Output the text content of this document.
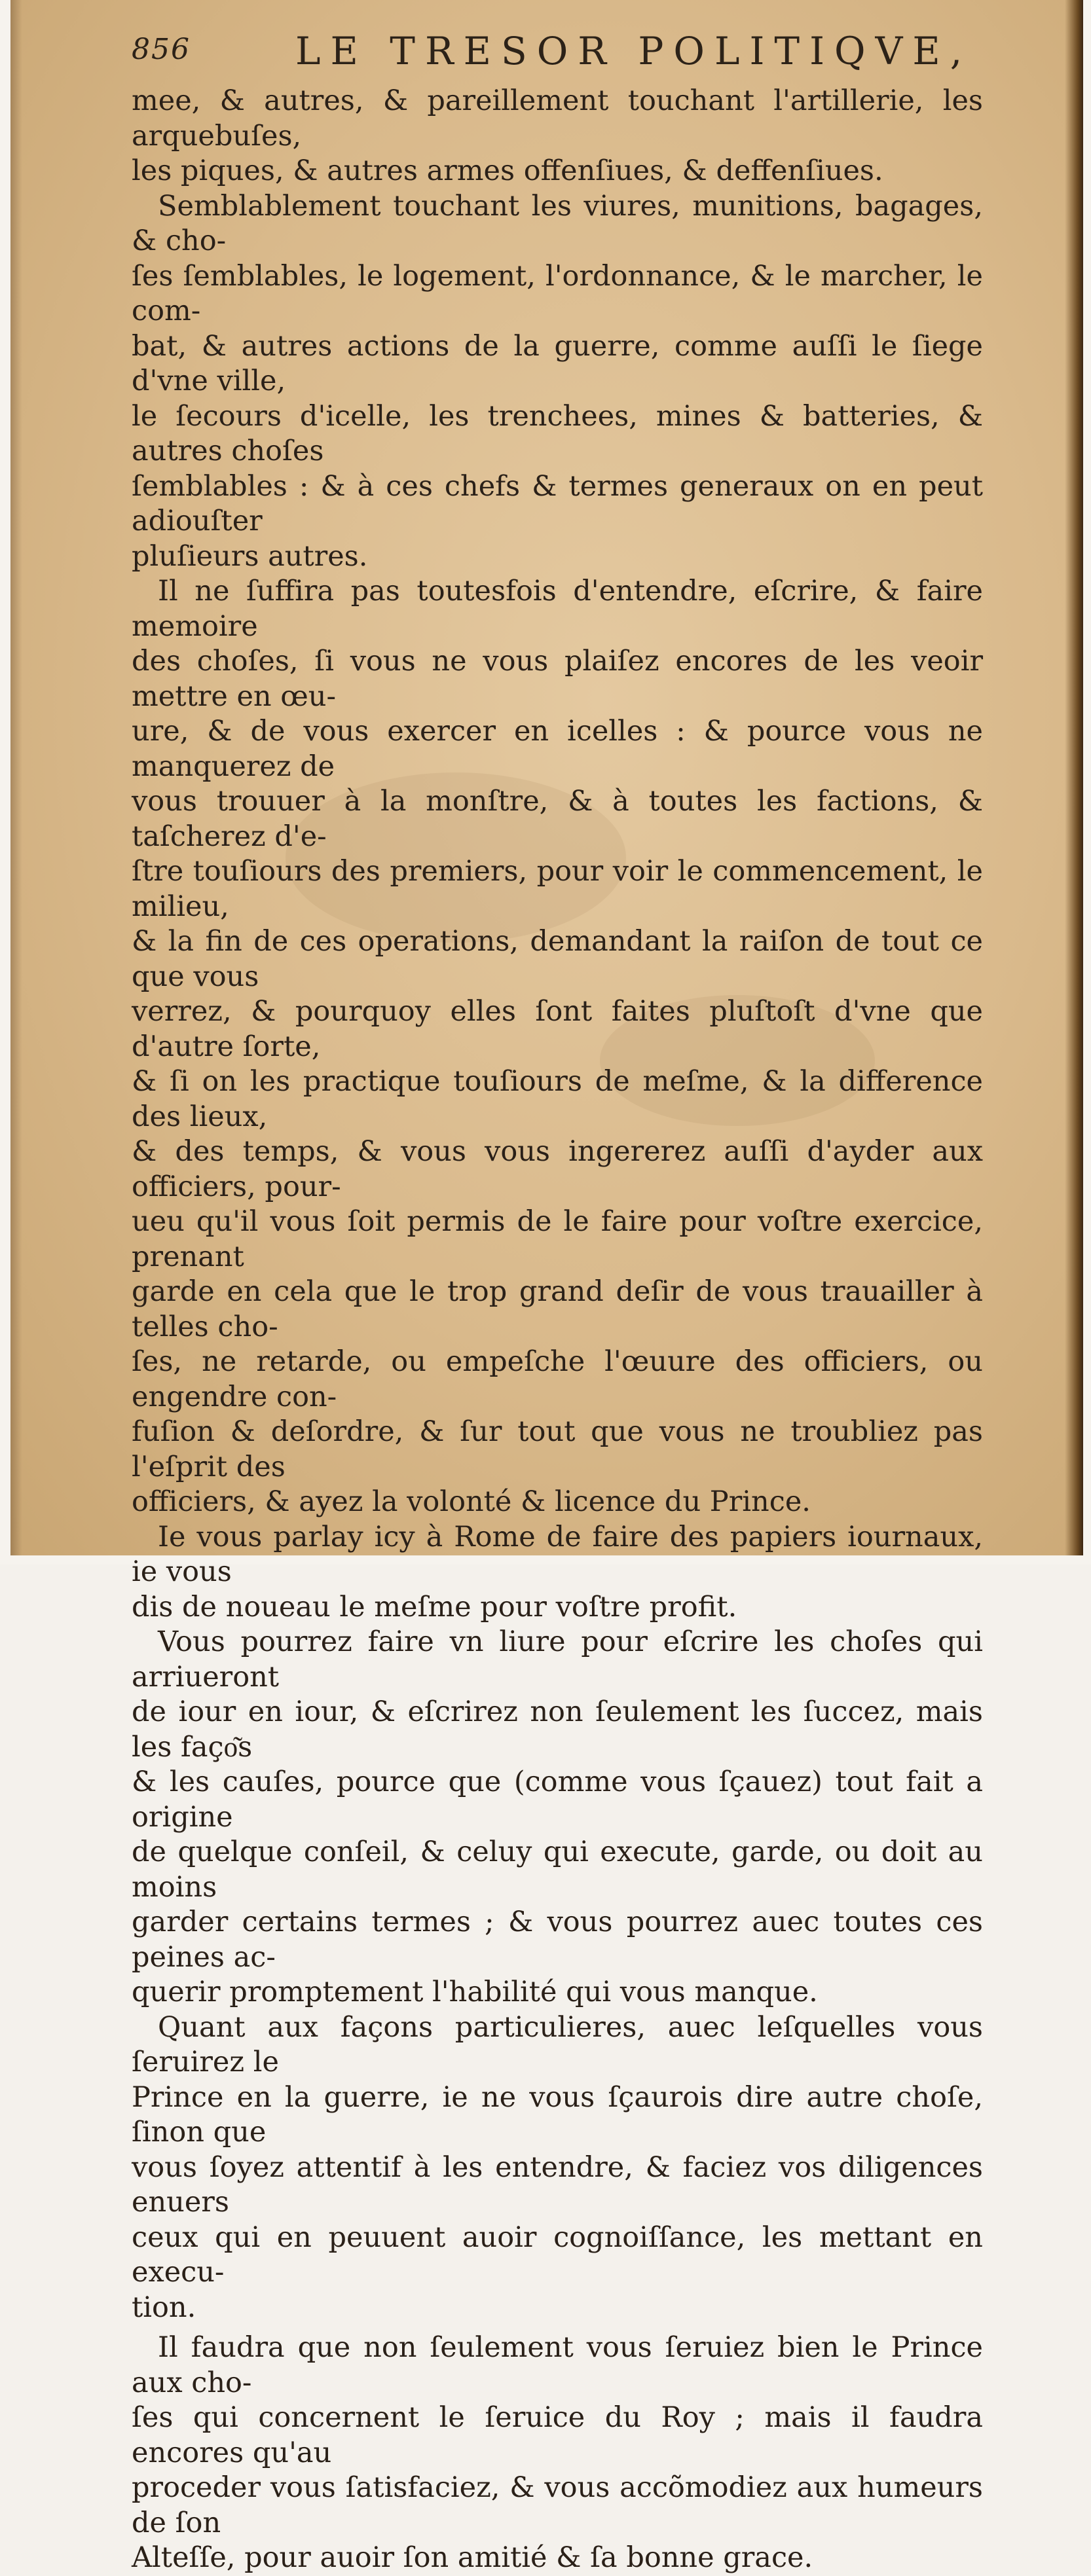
856	LE TRESOR POLITIQVE,

mee, & autres, & pareillement touchant l'artillerie, les arquebuſes,
les piques, & autres armes offenſiues, & deffenſiues.

Semblablement touchant les viures, munitions, bagages, & cho-
ſes ſemblables, le logement, l'ordonnance, & le marcher, le com-
bat, & autres actions de la guerre, comme auſſi le ſiege d'vne ville,
le ſecours d'icelle, les trenchees, mines & batteries, & autres choſes
ſemblables : & à ces chefs & termes generaux on en peut adiouſter
pluſieurs autres.

Il ne ſuffira pas toutesfois d'entendre, eſcrire, & faire memoire
des choſes, ſi vous ne vous plaiſez encores de les veoir mettre en œu-
ure, & de vous exercer en icelles : & pource vous ne manquerez de
vous trouuer à la monſtre, & à toutes les factions, & taſcherez d'e-
ſtre touſiours des premiers, pour voir le commencement, le milieu,
& la fin de ces operations, demandant la raiſon de tout ce que vous
verrez, & pourquoy elles ſont faites pluſtoſt d'vne que d'autre ſorte,
& ſi on les practique touſiours de meſme, & la difference des lieux,
& des temps, & vous vous ingererez auſſi d'ayder aux officiers, pour-
ueu qu'il vous ſoit permis de le faire pour voſtre exercice, prenant
garde en cela que le trop grand deſir de vous trauailler à telles cho-
ſes, ne retarde, ou empeſche l'œuure des officiers, ou engendre con-
fuſion & deſordre, & ſur tout que vous ne troubliez pas l'eſprit des
officiers, & ayez la volonté & licence du Prince.

Ie vous parlay icy à Rome de faire des papiers iournaux, ie vous
dis de noueau le meſme pour voſtre profit.

Vous pourrez faire vn liure pour eſcrire les choſes qui arriueront
de iour en iour, & eſcrirez non ſeulement les ſuccez, mais les faço͂s
& les cauſes, pource que (comme vous ſçauez) tout fait a origine
de quelque conſeil, & celuy qui execute, garde, ou doit au moins
garder certains termes ; & vous pourrez auec toutes ces peines ac-
querir promptement l'habilité qui vous manque.

Quant aux façons particulieres, auec leſquelles vous ſeruirez le
Prince en la guerre, ie ne vous ſçaurois dire autre choſe, ſinon que
vous ſoyez attentif à les entendre, & faciez vos diligences enuers
ceux qui en peuuent auoir cognoiſſance, les mettant en execu-
tion.

Il faudra que non ſeulement vous ſeruiez bien le Prince aux cho-
ſes qui concernent le ſeruice du Roy ; mais il faudra encores qu'au
proceder vous ſatisfaciez, & vous accõmodiez aux humeurs de ſon
Alteſſe, pour auoir ſon amitié & ſa bonne grace.
